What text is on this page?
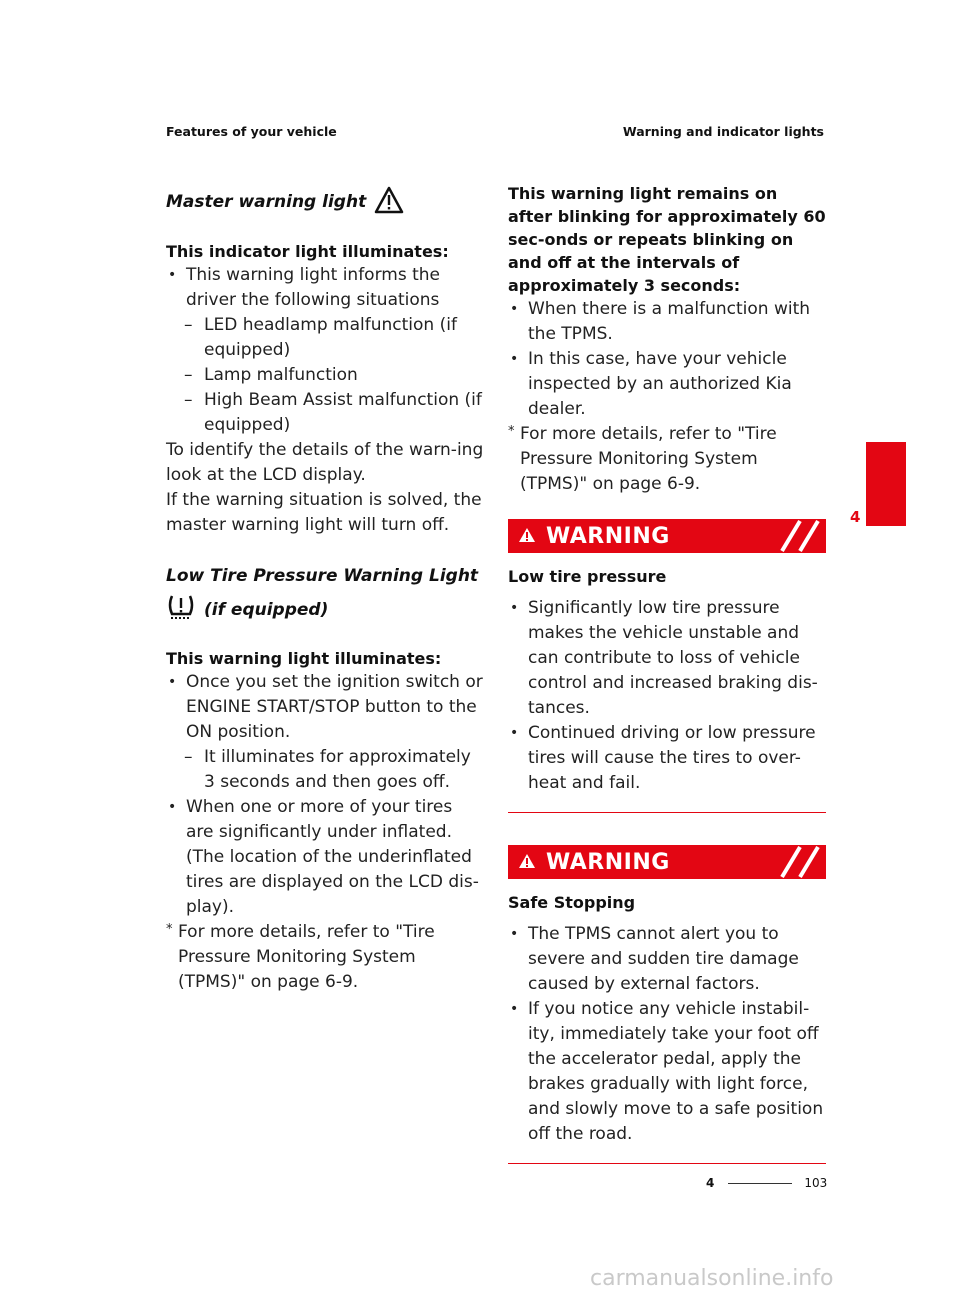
Features of your vehicle	Warning and indicator lights
Master warning light
This indicator light illuminates:
• This warning light informs the driver the following situations
– LED headlamp malfunction (if equipped)
– Lamp malfunction
– High Beam Assist malfunction (if equipped)
To identify the details of the warn-ing look at the LCD display.
If the warning situation is solved, the master warning light will turn off.
Low Tire Pressure Warning Light
(if equipped)
This warning light illuminates:
• Once you set the ignition switch or ENGINE START/STOP button to the ON position.
– It illuminates for approximately 3 seconds and then goes off.
• When one or more of your tires are significantly under inflated. (The location of the underinflated tires are displayed on the LCD dis-play).
* For more details, refer to "Tire Pressure Monitoring System (TPMS)" on page 6-9.
This warning light remains on after blinking for approximately 60 sec-onds or repeats blinking on and off at the intervals of approximately 3 seconds:
• When there is a malfunction with the TPMS.
• In this case, have your vehicle inspected by an authorized Kia dealer.
* For more details, refer to "Tire Pressure Monitoring System (TPMS)" on page 6-9.
WARNING
Low tire pressure
• Significantly low tire pressure makes the vehicle unstable and can contribute to loss of vehicle control and increased braking dis-tances.
• Continued driving or low pressure tires will cause the tires to over-heat and fail.
WARNING
Safe Stopping
• The TPMS cannot alert you to severe and sudden tire damage caused by external factors.
• If you notice any vehicle instabil-ity, immediately take your foot off the accelerator pedal, apply the brakes gradually with light force, and slowly move to a safe position off the road.
4
4	103
carmanualsonline.info
